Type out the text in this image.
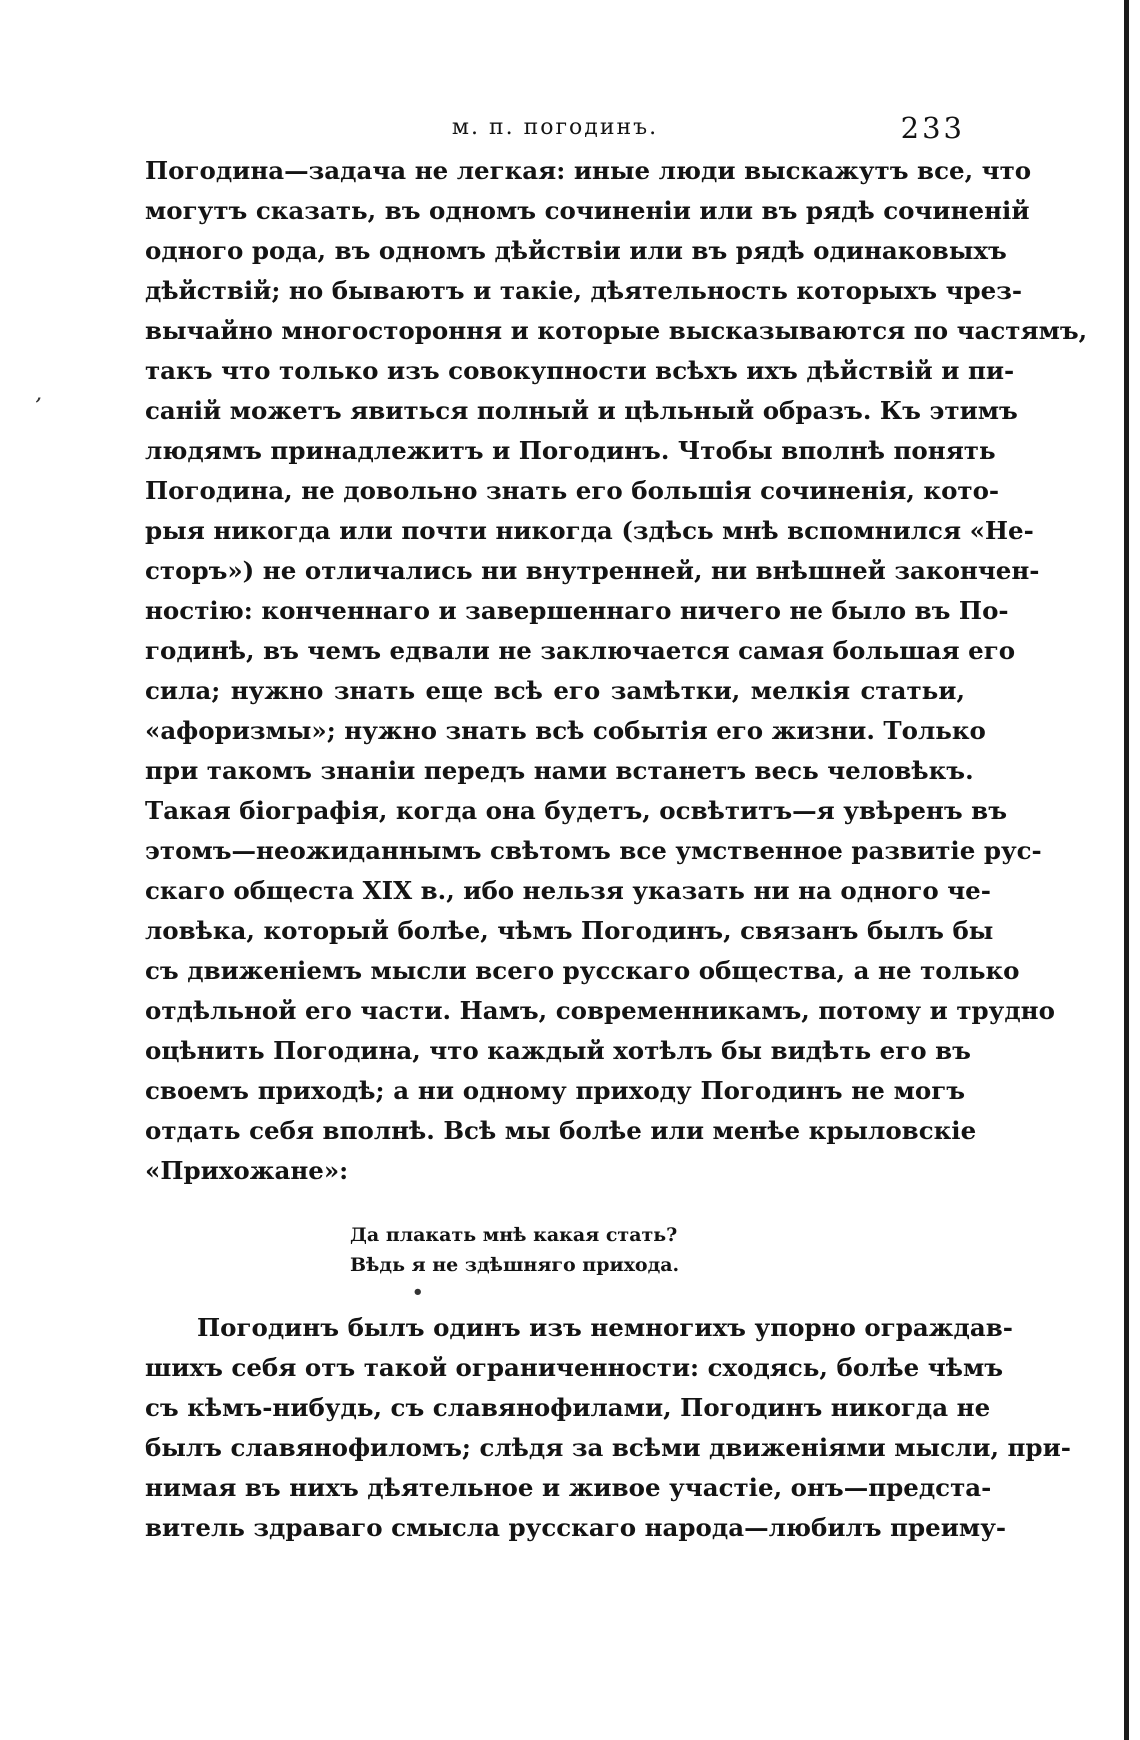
м. п. погодинъ.	233
Погодина—задача не легкая: иные люди выскажутъ все, что
могутъ сказать, въ одномъ сочиненiи или въ рядѣ сочиненiй
одного рода, въ одномъ дѣйствiи или въ рядѣ одинаковыхъ
дѣйствiй; но бываютъ и такiе, дѣятельность которыхъ чрез-
вычайно многостороння и которые высказываются по частямъ,
такъ что только изъ совокупности всѣхъ ихъ дѣйствiй и пи-
санiй можетъ явиться полный и цѣльный образъ. Къ этимъ
людямъ принадлежитъ и Погодинъ. Чтобы вполнѣ понять
Погодина, не довольно знать его большiя сочиненiя, кото-
рыя никогда или почти никогда (здѣсь мнѣ вспомнился «Не-
сторъ») не отличались ни внутренней, ни внѣшней закончен-
ностiю: конченнаго и завершеннаго ничего не было въ По-
годинѣ, въ чемъ едвали не заключается самая большая его
сила; нужно знать еще всѣ его замѣтки, мелкiя статьи,
«афоризмы»; нужно знать всѣ событiя его жизни. Только
при такомъ знанiи передъ нами встанетъ весь человѣкъ.
Такая бiографiя, когда она будетъ, освѣтитъ—я увѣренъ въ
этомъ—неожиданнымъ свѣтомъ все умственное развитiе рус-
скаго общеста XIX в., ибо нельзя указать ни на одного че-
ловѣка, который болѣе, чѣмъ Погодинъ, связанъ былъ бы
съ движенiемъ мысли всего русскаго общества, а не только
отдѣльной его части. Намъ, современникамъ, потому и трудно
оцѣнить Погодина, что каждый хотѣлъ бы видѣть его въ
своемъ приходѣ; а ни одному приходу Погодинъ не могъ
отдать себя вполнѣ. Всѣ мы болѣе или менѣе крыловскiе
«Прихожане»:
Да плакать мнѣ какая стать?
Вѣдь я не здѣшняго прихода.
•
,
Погодинъ былъ одинъ изъ немногихъ упорно ограждав-
шихъ себя отъ такой ограниченности: сходясь, болѣе чѣмъ
съ кѣмъ-нибудь, съ славянофилами, Погодинъ никогда не
былъ славянофиломъ; слѣдя за всѣми движенiями мысли, при-
нимая въ нихъ дѣятельное и живое участiе, онъ—предста-
витель здраваго смысла русскаго народа—любилъ преиму-
